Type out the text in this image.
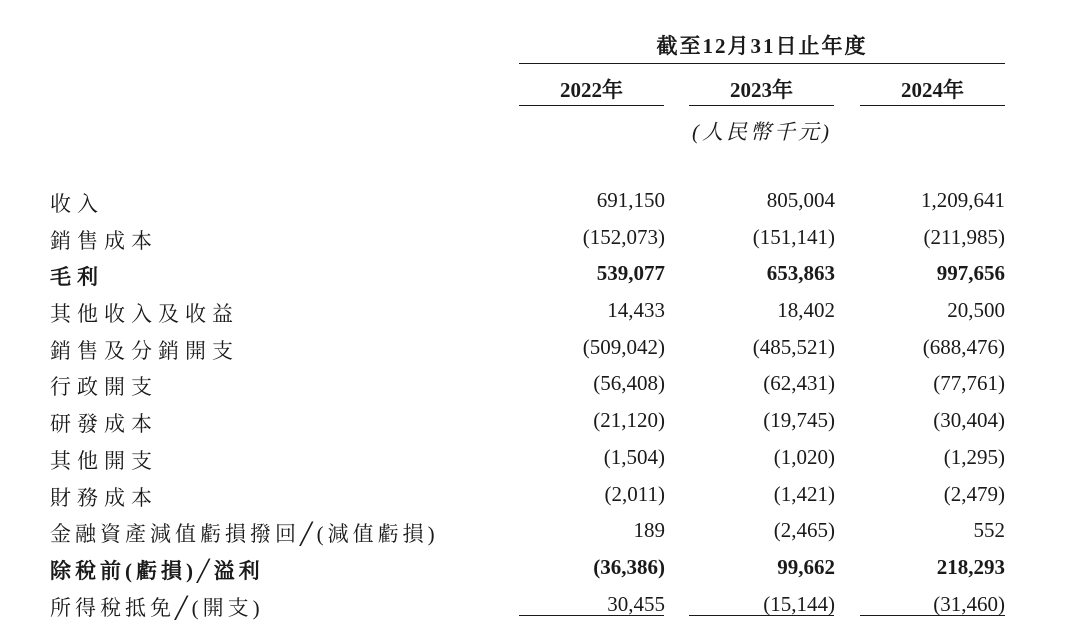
截至12月31日止年度
2022年	2023年	2024年
(人民幣千元)
收入	691,150	805,004	1,209,641
銷售成本	(152,073)	(151,141)	(211,985)
毛利	539,077	653,863	997,656
其他收入及收益	14,433	18,402	20,500
銷售及分銷開支	(509,042)	(485,521)	(688,476)
行政開支	(56,408)	(62,431)	(77,761)
研發成本	(21,120)	(19,745)	(30,404)
其他開支	(1,504)	(1,020)	(1,295)
財務成本	(2,011)	(1,421)	(2,479)
金融資產減值虧損撥回╱(減值虧損)	189	(2,465)	552
除稅前(虧損)╱溢利	(36,386)	99,662	218,293
所得稅抵免╱(開支)	30,455	(15,144)	(31,460)
